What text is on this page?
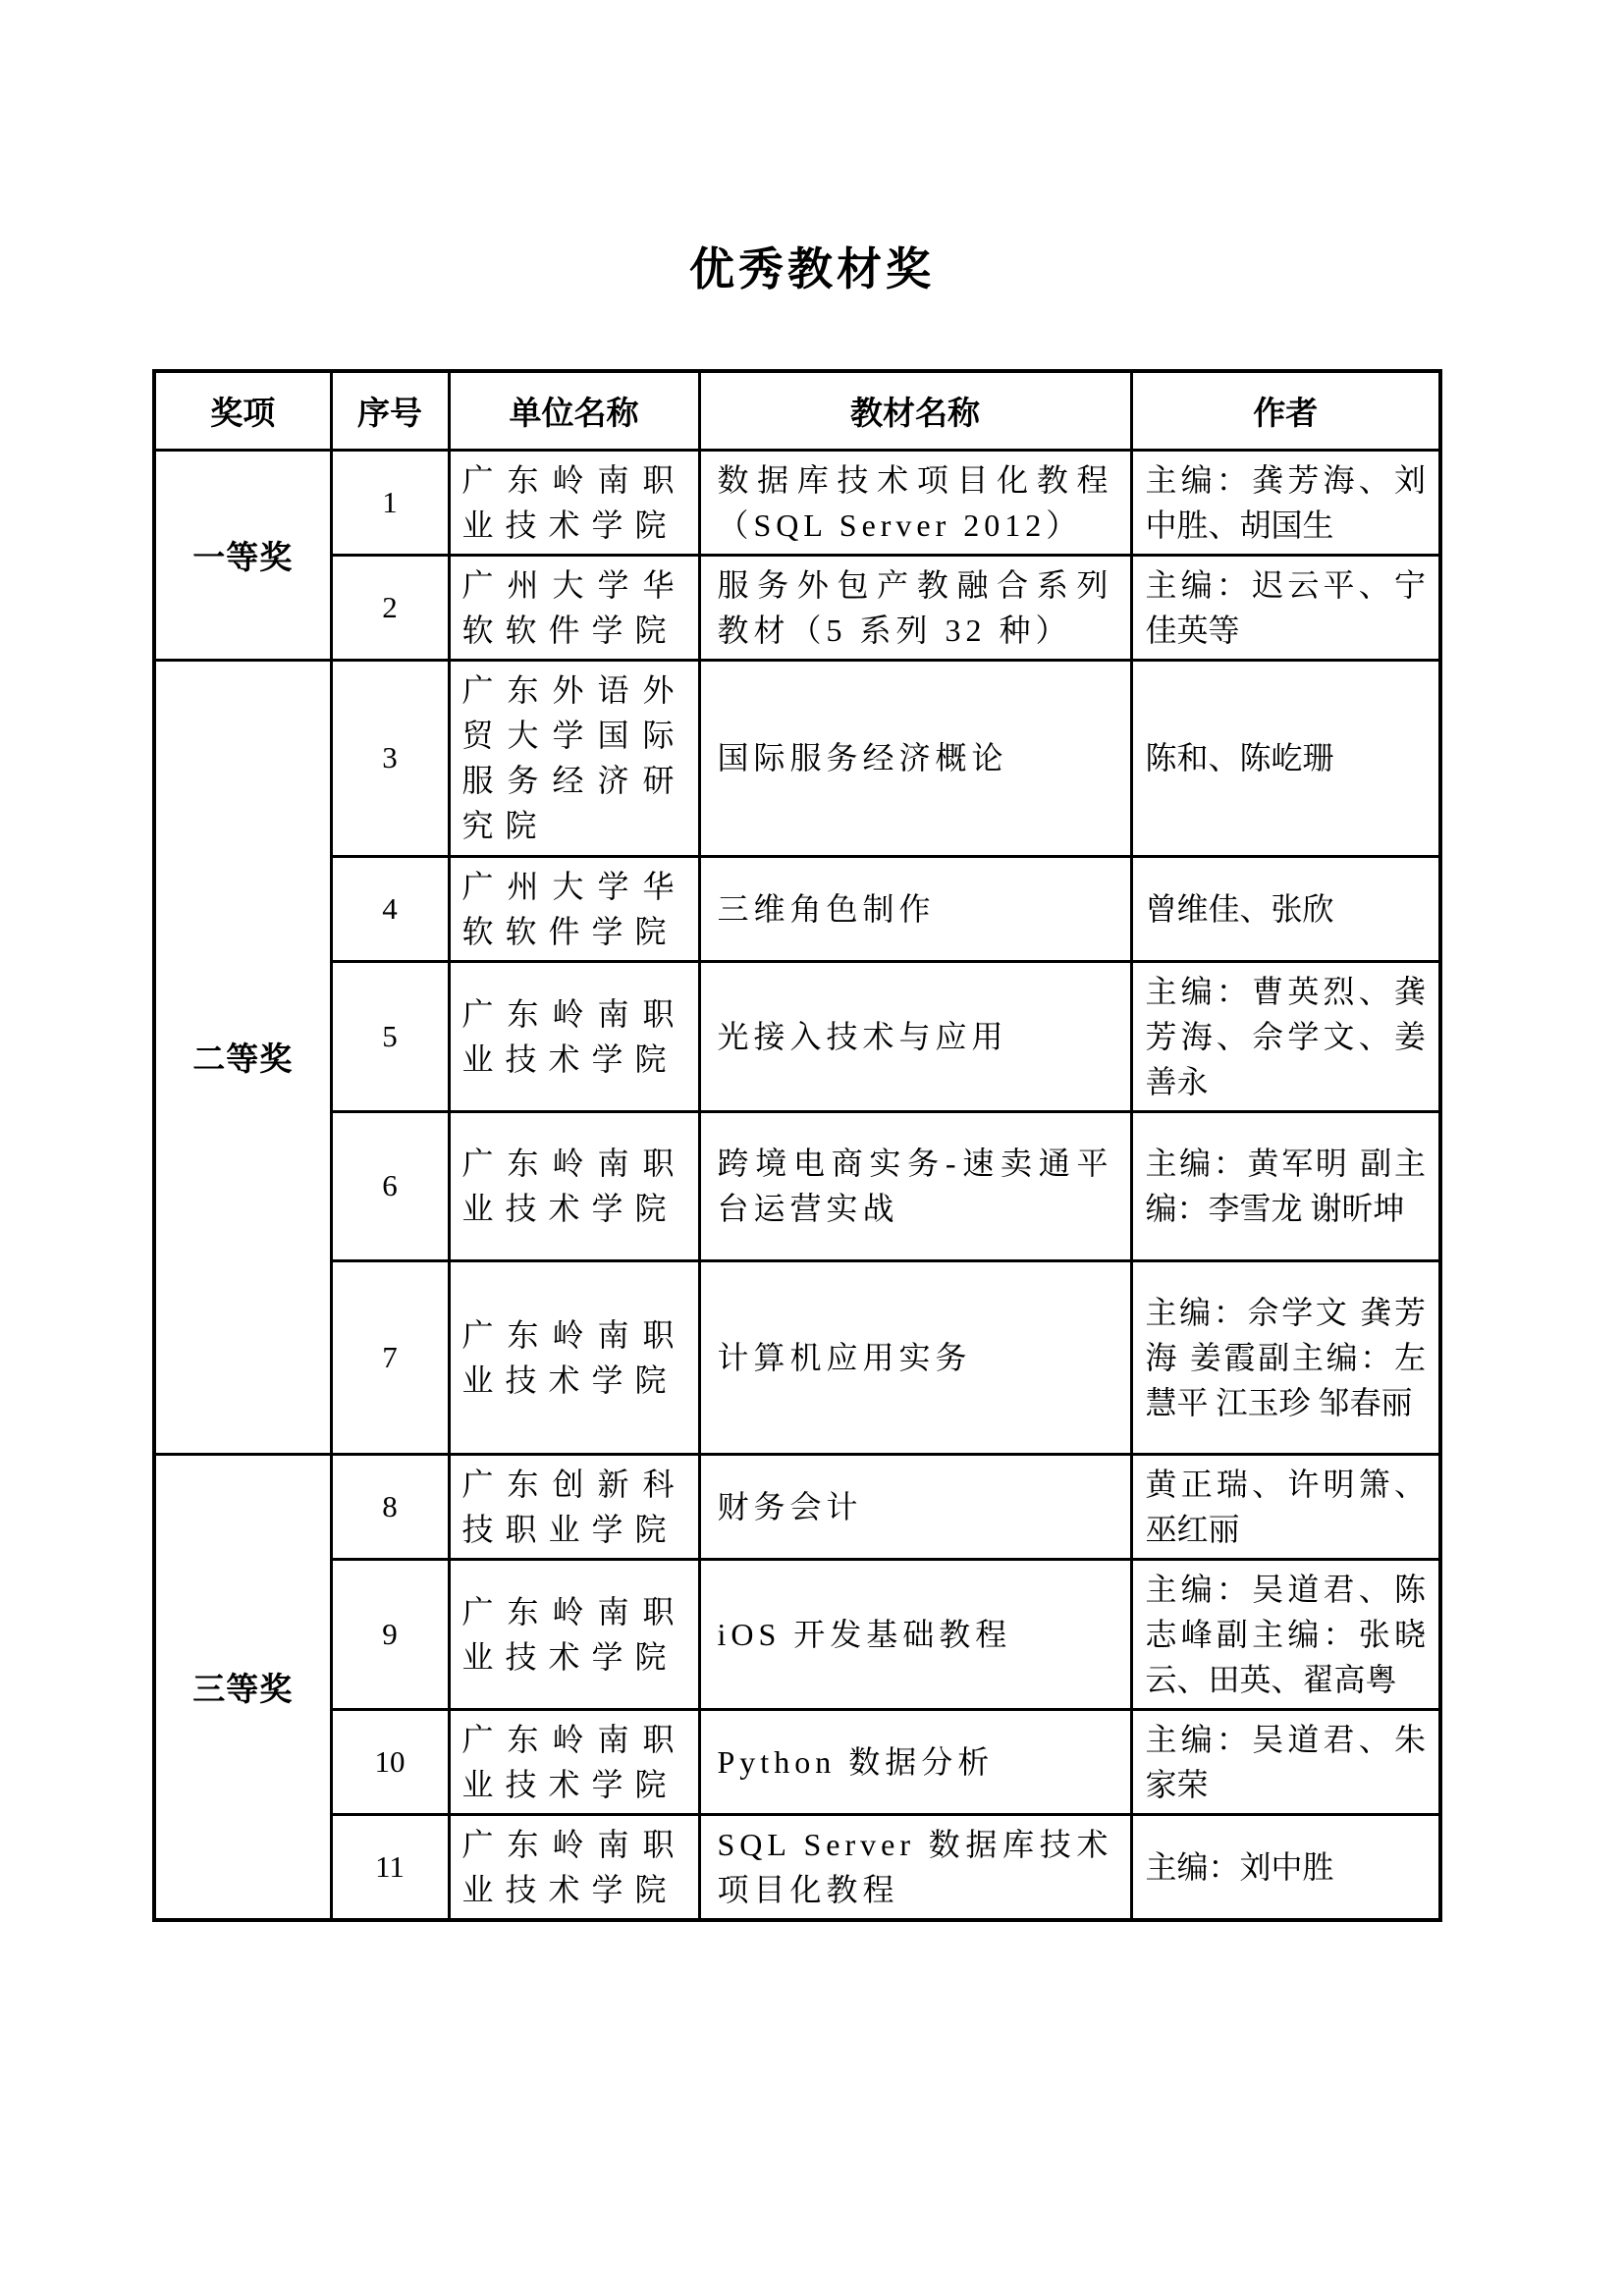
优秀教材奖
奖项	序号	单位名称	教材名称	作者
一等奖	1	广东岭南职业技术学院	数据库技术项目化教程（SQL Server 2012）	主编：龚芳海、刘中胜、胡国生
	2	广州大学华软软件学院	服务外包产教融合系列教材（5 系列 32 种）	主编：迟云平、宁佳英等
二等奖	3	广东外语外贸大学国际服务经济研究院	国际服务经济概论	陈和、陈屹珊
	4	广州大学华软软件学院	三维角色制作	曾维佳、张欣
	5	广东岭南职业技术学院	光接入技术与应用	主编：曹英烈、龚芳海、佘学文、姜善永
	6	广东岭南职业技术学院	跨境电商实务-速卖通平台运营实战	主编：黄军明 副主编：李雪龙 谢昕坤
	7	广东岭南职业技术学院	计算机应用实务	主编：佘学文 龚芳海 姜霞副主编：左慧平 江玉珍 邹春丽
三等奖	8	广东创新科技职业学院	财务会计	黄正瑞、许明箫、巫红丽
	9	广东岭南职业技术学院	iOS 开发基础教程	主编：吴道君、陈志峰副主编：张晓云、田英、翟高粤
	10	广东岭南职业技术学院	Python 数据分析	主编：吴道君、朱家荣
	11	广东岭南职业技术学院	SQL Server 数据库技术项目化教程	主编：刘中胜
